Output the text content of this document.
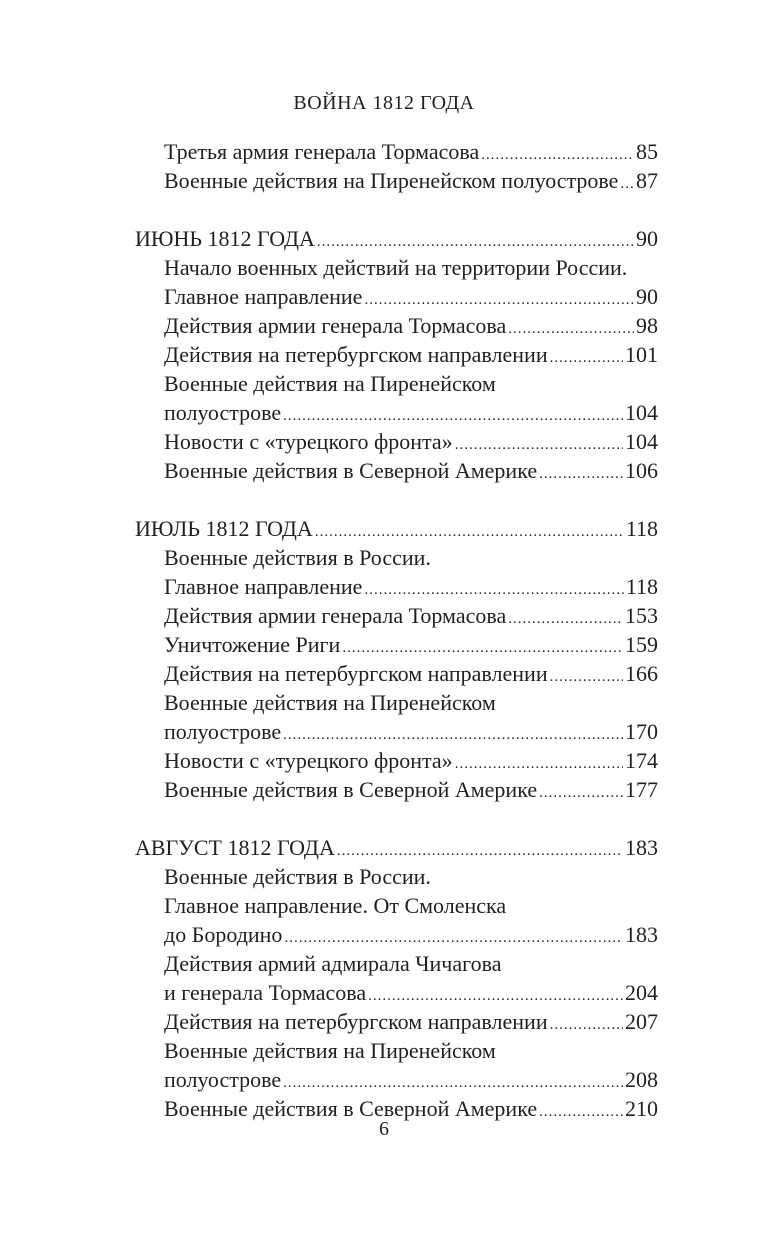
ВОЙНА 1812 ГОДА
Третья армия генерала Тормасова .....	85
Военные действия на Пиренейском полуострове ..... 87
ИЮНЬ 1812 ГОДА .....	90
Начало военных действий на территории России.
Главное направление .....	90
Действия армии генерала Тормасова .....	98
Действия на петербургском направлении .....	101
Военные действия на Пиренейском
полуострове .....	104
Новости с «турецкого фронта» .....	104
Военные действия в Северной Америке .....	106
ИЮЛЬ 1812 ГОДА .....	118
Военные действия в России.
Главное направление .....	118
Действия армии генерала Тормасова .....	153
Уничтожение Риги .....	159
Действия на петербургском направлении .....	166
Военные действия на Пиренейском
полуострове .....	170
Новости с «турецкого фронта» .....	174
Военные действия в Северной Америке .....	177
АВГУСТ 1812 ГОДА .....	183
Военные действия в России.
Главное направление. От Смоленска
до Бородино .....	183
Действия армий адмирала Чичагова
и генерала Тормасова .....	204
Действия на петербургском направлении .....	207
Военные действия на Пиренейском
полуострове .....	208
Военные действия в Северной Америке .....	210
6
